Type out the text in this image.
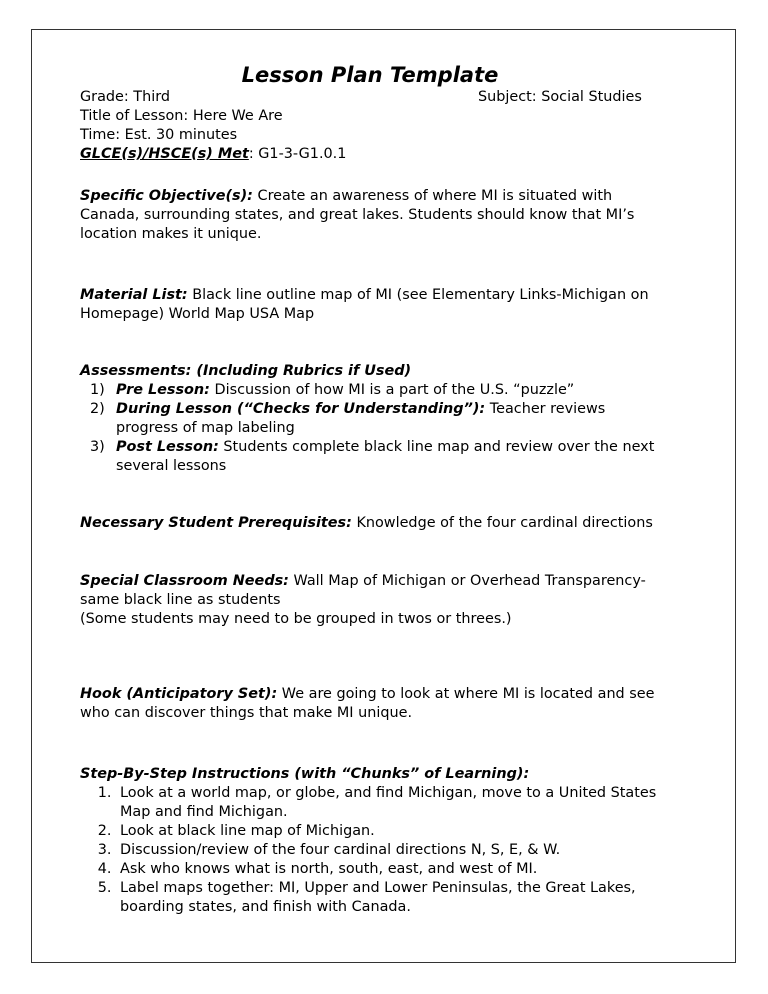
Lesson Plan Template
Grade: Third	Subject: Social Studies
Title of Lesson: Here We Are
Time: Est. 30 minutes
GLCE(s)/HSCE(s) Met: G1-3-G1.0.1

Specific Objective(s): Create an awareness of where MI is situated with Canada, surrounding states, and great lakes. Students should know that MI’s location makes it unique.

Material List: Black line outline map of MI (see Elementary Links-Michigan on Homepage) World Map USA Map

Assessments: (Including Rubrics if Used)
1) Pre Lesson: Discussion of how MI is a part of the U.S. “puzzle”
2) During Lesson (“Checks for Understanding”): Teacher reviews progress of map labeling
3) Post Lesson: Students complete black line map and review over the next several lessons

Necessary Student Prerequisites: Knowledge of the four cardinal directions

Special Classroom Needs: Wall Map of Michigan or Overhead Transparency- same black line as students
(Some students may need to be grouped in twos or threes.)

Hook (Anticipatory Set): We are going to look at where MI is located and see who can discover things that make MI unique.

Step-By-Step Instructions (with “Chunks” of Learning):
1. Look at a world map, or globe, and find Michigan, move to a United States Map and find Michigan.
2. Look at black line map of Michigan.
3. Discussion/review of the four cardinal directions N, S, E, & W.
4. Ask who knows what is north, south, east, and west of MI.
5. Label maps together: MI, Upper and Lower Peninsulas, the Great Lakes, boarding states, and finish with Canada.
